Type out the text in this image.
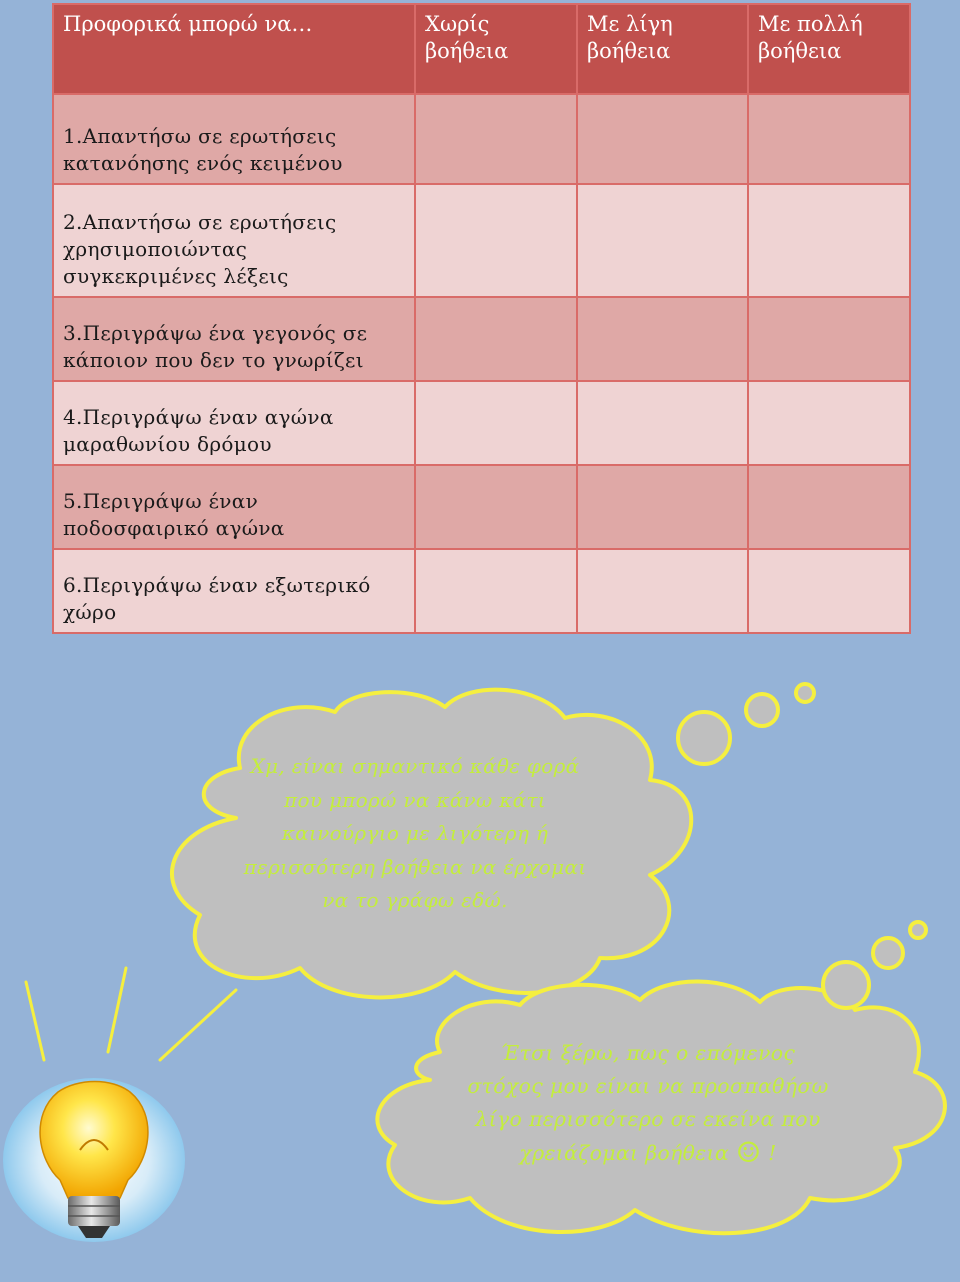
Προφορικά μπορώ να…	Χωρίς βοήθεια	Με λίγη βοήθεια	Με πολλή βοήθεια
1.Απαντήσω σε ερωτήσεις κατανόησης ενός κειμένου			
2.Απαντήσω σε ερωτήσεις χρησιμοποιώντας συγκεκριμένες λέξεις			
3.Περιγράψω ένα γεγονός σε κάποιον που δεν το γνωρίζει			
4.Περιγράψω έναν αγώνα μαραθωνίου δρόμου			
5.Περιγράψω έναν ποδοσφαιρικό αγώνα			
6.Περιγράψω έναν εξωτερικό χώρο			
Χμ, είναι σημαντικό κάθε φορά που μπορώ να κάνω κάτι καινούργιο με λιγότερη ή περισσότερη βοήθεια να έρχομαι να το γράφω εδώ.
Έτσι ξέρω, πως ο επόμενος στόχος μου είναι να προσπαθήσω λίγο περισσότερο σε εκείνα που χρειάζομαι βοήθεια ☺ !
